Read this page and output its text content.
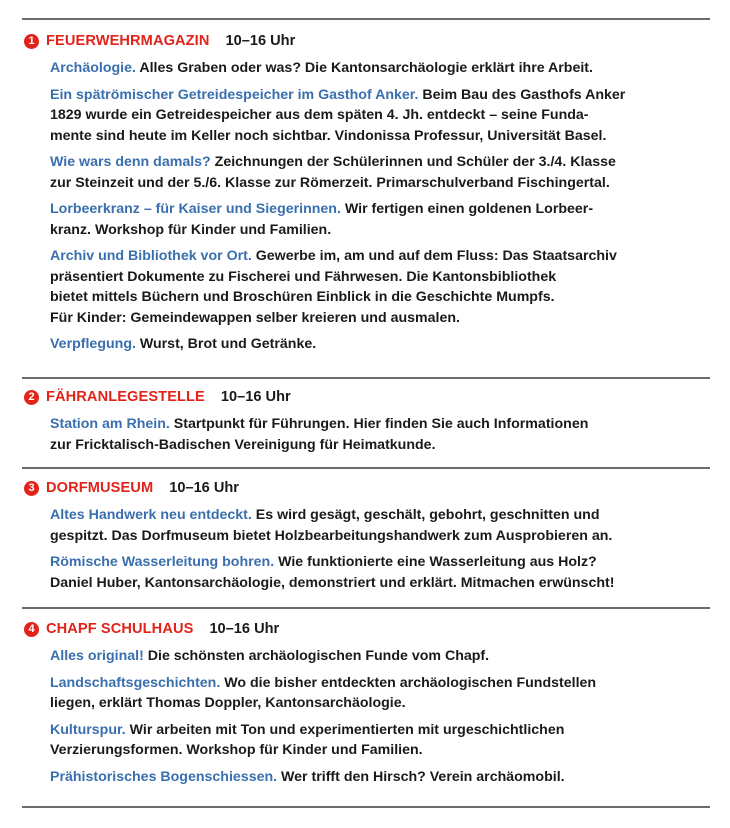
1 FEUERWEHRMAGAZIN 10–16 Uhr
Archäologie. Alles Graben oder was? Die Kantonsarchäologie erklärt ihre Arbeit.
Ein spätrömischer Getreidespeicher im Gasthof Anker. Beim Bau des Gasthofs Anker
1829 wurde ein Getreidespeicher aus dem späten 4. Jh. entdeckt – seine Funda-
mente sind heute im Keller noch sichtbar. Vindonissa Professur, Universität Basel.
Wie wars denn damals? Zeichnungen der Schülerinnen und Schüler der 3./4. Klasse
zur Steinzeit und der 5./6. Klasse zur Römerzeit. Primarschulverband Fischingertal.
Lorbeerkranz – für Kaiser und Siegerinnen. Wir fertigen einen goldenen Lorbeer-
kranz. Workshop für Kinder und Familien.
Archiv und Bibliothek vor Ort. Gewerbe im, am und auf dem Fluss: Das Staatsarchiv
präsentiert Dokumente zu Fischerei und Fährwesen. Die Kantonsbibliothek
bietet mittels Büchern und Broschüren Einblick in die Geschichte Mumpfs.
Für Kinder: Gemeindewappen selber kreieren und ausmalen.
Verpflegung. Wurst, Brot und Getränke.
2 FÄHRANLEGESTELLE 10–16 Uhr
Station am Rhein. Startpunkt für Führungen. Hier finden Sie auch Informationen
zur Fricktalisch-Badischen Vereinigung für Heimatkunde.
3 DORFMUSEUM 10–16 Uhr
Altes Handwerk neu entdeckt. Es wird gesägt, geschält, gebohrt, geschnitten und
gespitzt. Das Dorfmuseum bietet Holzbearbeitungshandwerk zum Ausprobieren an.
Römische Wasserleitung bohren. Wie funktionierte eine Wasserleitung aus Holz?
Daniel Huber, Kantonsarchäologie, demonstriert und erklärt. Mitmachen erwünscht!
4 CHAPF SCHULHAUS 10–16 Uhr
Alles original! Die schönsten archäologischen Funde vom Chapf.
Landschaftsgeschichten. Wo die bisher entdeckten archäologischen Fundstellen
liegen, erklärt Thomas Doppler, Kantonsarchäologie.
Kulturspur. Wir arbeiten mit Ton und experimentierten mit urgeschichtlichen
Verzierungsformen. Workshop für Kinder und Familien.
Prähistorisches Bogenschiessen. Wer trifft den Hirsch? Verein archäomobil.
